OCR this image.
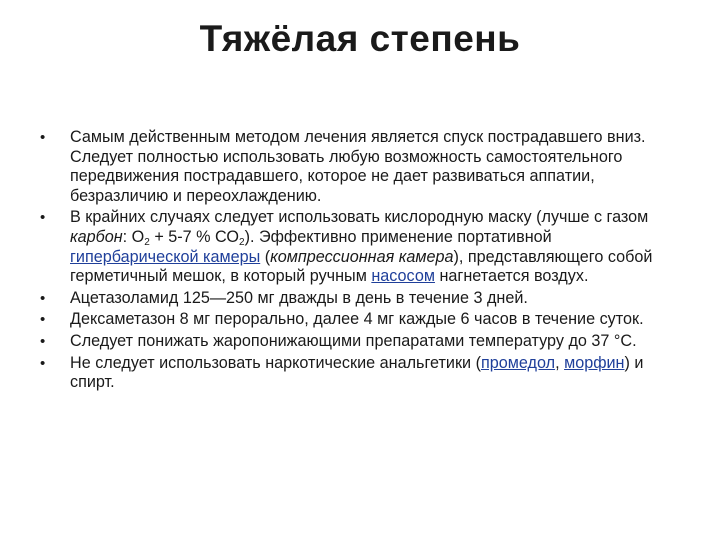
Тяжёлая степень
•	Самым действенным методом лечения является спуск пострадавшего вниз. Следует полностью использовать любую возможность самостоятельного передвижения пострадавшего, которое не дает развиваться аппатии, безразличию и переохлаждению.
•	В крайних случаях следует использовать кислородную маску (лучше с газом карбон: $О_2 + 5-7$ % $СО_2$). Эффективно применение портативной гипербарической камеры (компрессионная камера), представляющего собой герметичный мешок, в который ручным насосом нагнетается воздух.
•	Ацетазоламид 125—250 мг дважды в день в течение 3 дней.
•	Дексаметазон 8 мг перорально, далее 4 мг каждые 6 часов в течение суток.
•	Следует понижать жаропонижающими препаратами температуру до 37 °С.
•	Не следует использовать наркотические анальгетики (промедол, морфин) и спирт.
